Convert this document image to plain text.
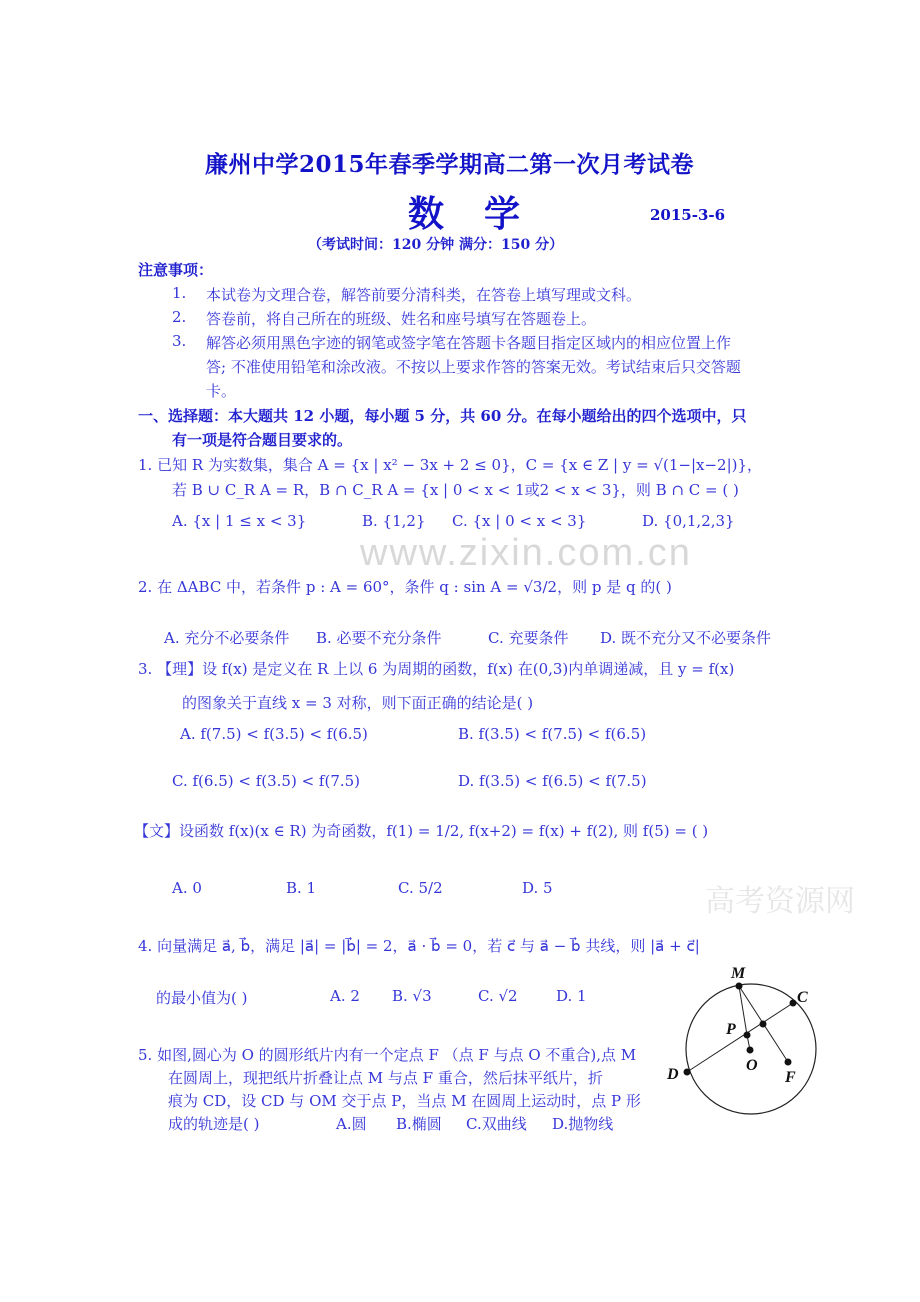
www.zixin.com.cn
高考资源网
廉州中学2015年春季学期高二第一次月考试卷
数学	2015-3-6
（考试时间：120 分钟 满分：150 分）
注意事项：
1. 本试卷为文理合卷，解答前要分清科类，在答卷上填写理或文科。
2. 答卷前，将自己所在的班级、姓名和座号填写在答题卷上。
3. 解答必须用黑色字迹的钢笔或签字笔在答题卡各题目指定区域内的相应位置上作
答; 不准使用铅笔和涂改液。不按以上要求作答的答案无效。考试结束后只交答题
卡。
一、选择题：本大题共 12 小题，每小题 5 分，共 60 分。在每小题给出的四个选项中，只
有一项是符合题目要求的。
1. 已知 R 为实数集，集合 A = {x | x² − 3x + 2 ≤ 0}，C = {x ∈ Z | y = √(1−|x−2|)}，
若 B ∪ C_R A = R，B ∩ C_R A = {x | 0 < x < 1或2 < x < 3}，则 B ∩ C = ( )
A. {x | 1 ≤ x < 3}	B. {1,2} C. {x | 0 < x < 3}	D. {0,1,2,3}
2. 在 ΔABC 中，若条件 p : A = 60°，条件 q : sin A = √3/2，则 p 是 q 的( )
A. 充分不必要条件 B. 必要不充分条件	C. 充要条件 D. 既不充分又不必要条件
3. 【理】设 f(x) 是定义在 R 上以 6 为周期的函数，f(x) 在(0,3)内单调递减，且 y = f(x)
的图象关于直线 x = 3 对称，则下面正确的结论是( )
A. f(7.5) < f(3.5) < f(6.5)	B. f(3.5) < f(7.5) < f(6.5)
C. f(6.5) < f(3.5) < f(7.5)	D. f(3.5) < f(6.5) < f(7.5)
【文】设函数 f(x)(x ∈ R) 为奇函数，f(1) = 1/2, f(x+2) = f(x) + f(2), 则 f(5) = ( )
A. 0	B. 1	C. 5/2	D. 5
4. 向量满足 a⃗, b⃗，满足 |a⃗| = |b⃗| = 2，a⃗ · b⃗ = 0，若 c⃗ 与 a⃗ − b⃗ 共线，则 |a⃗ + c⃗|
的最小值为( )	A. 2 B. √3	C. √2	D. 1
5. 如图,圆心为 O 的圆形纸片内有一个定点 F （点 F 与点 O 不重合),点 M
在圆周上，现把纸片折叠让点 M 与点 F 重合，然后抹平纸片，折
痕为 CD，设 CD 与 OM 交于点 P，当点 M 在圆周上运动时，点 P 形
成的轨迹是( )	A.圆 B.椭圆 C.双曲线 D.抛物线
M
C
P
O
F
D
